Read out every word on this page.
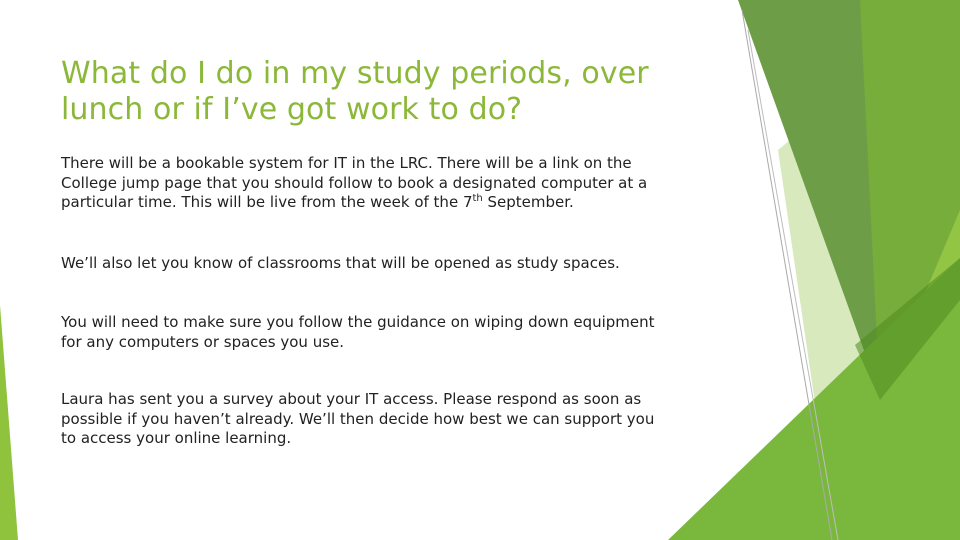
What do I do in my study periods, over
lunch or if I’ve got work to do?

There will be a bookable system for IT in the LRC. There will be a link on the
College jump page that you should follow to book a designated computer at a
particular time. This will be live from the week of the 7th September.

We’ll also let you know of classrooms that will be opened as study spaces.

You will need to make sure you follow the guidance on wiping down equipment
for any computers or spaces you use.

Laura has sent you a survey about your IT access. Please respond as soon as
possible if you haven’t already. We’ll then decide how best we can support you
to access your online learning.
